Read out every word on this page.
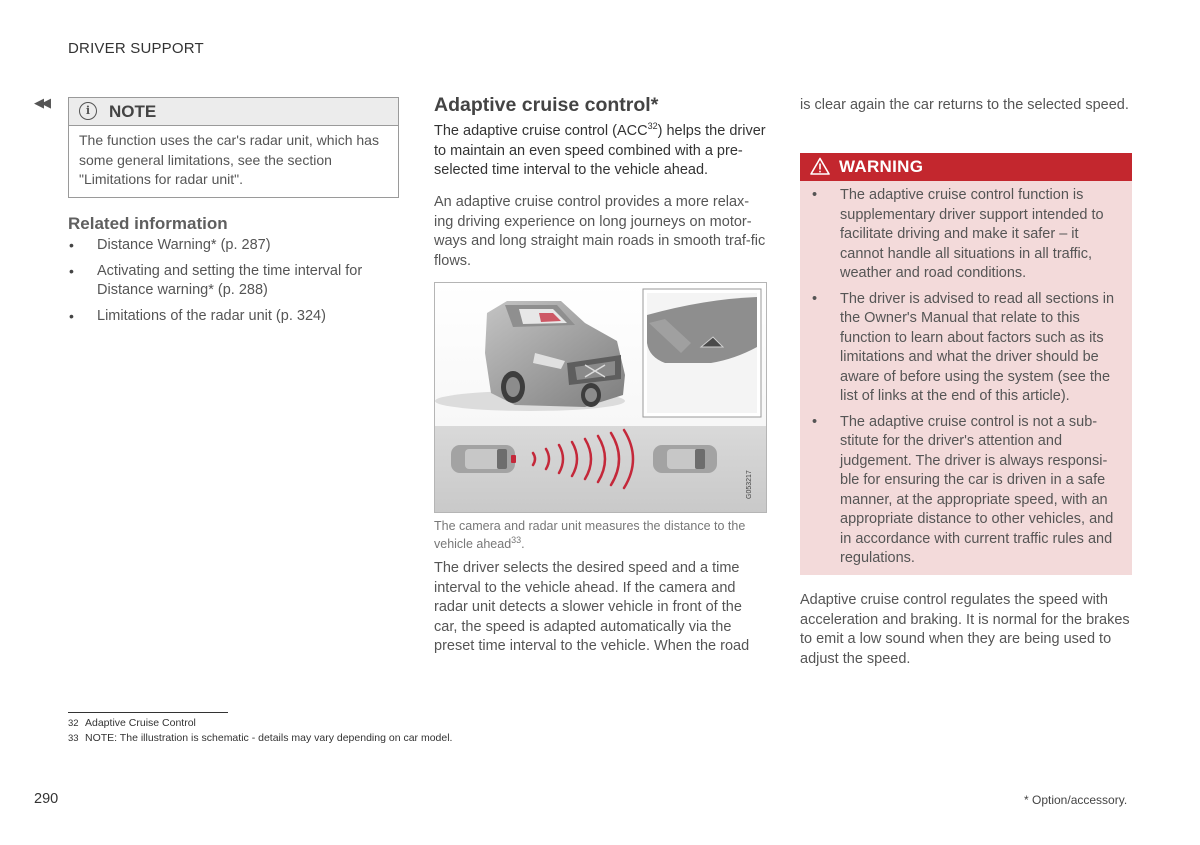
DRIVER SUPPORT
◀◀
i	NOTE
The function uses the car's radar unit, which has some general limitations, see the section "Limitations for radar unit".
Related information
• Distance Warning* (p. 287)
• Activating and setting the time interval for Distance warning* (p. 288)
• Limitations of the radar unit (p. 324)
Adaptive cruise control*
The adaptive cruise control (ACC$^{32}$) helps the driver to maintain an even speed combined with a pre-selected time interval to the vehicle ahead.
An adaptive cruise control provides a more relax-ing driving experience on long journeys on motor-ways and long straight main roads in smooth traf-fic flows.
G053217
The camera and radar unit measures the distance to the vehicle ahead$^{33}$.
The driver selects the desired speed and a time interval to the vehicle ahead. If the camera and radar unit detects a slower vehicle in front of the car, the speed is adapted automatically via the preset time interval to the vehicle. When the road
is clear again the car returns to the selected speed.
WARNING
• The adaptive cruise control function is supplementary driver support intended to facilitate driving and make it safer – it cannot handle all situations in all traffic, weather and road conditions.
• The driver is advised to read all sections in the Owner's Manual that relate to this function to learn about factors such as its limitations and what the driver should be aware of before using the system (see the list of links at the end of this article).
• The adaptive cruise control is not a sub-stitute for the driver's attention and judgement. The driver is always responsi-ble for ensuring the car is driven in a safe manner, at the appropriate speed, with an appropriate distance to other vehicles, and in accordance with current traffic rules and regulations.
Adaptive cruise control regulates the speed with acceleration and braking. It is normal for the brakes to emit a low sound when they are being used to adjust the speed.
32 Adaptive Cruise Control
33 NOTE: The illustration is schematic - details may vary depending on car model.
290	* Option/accessory.
